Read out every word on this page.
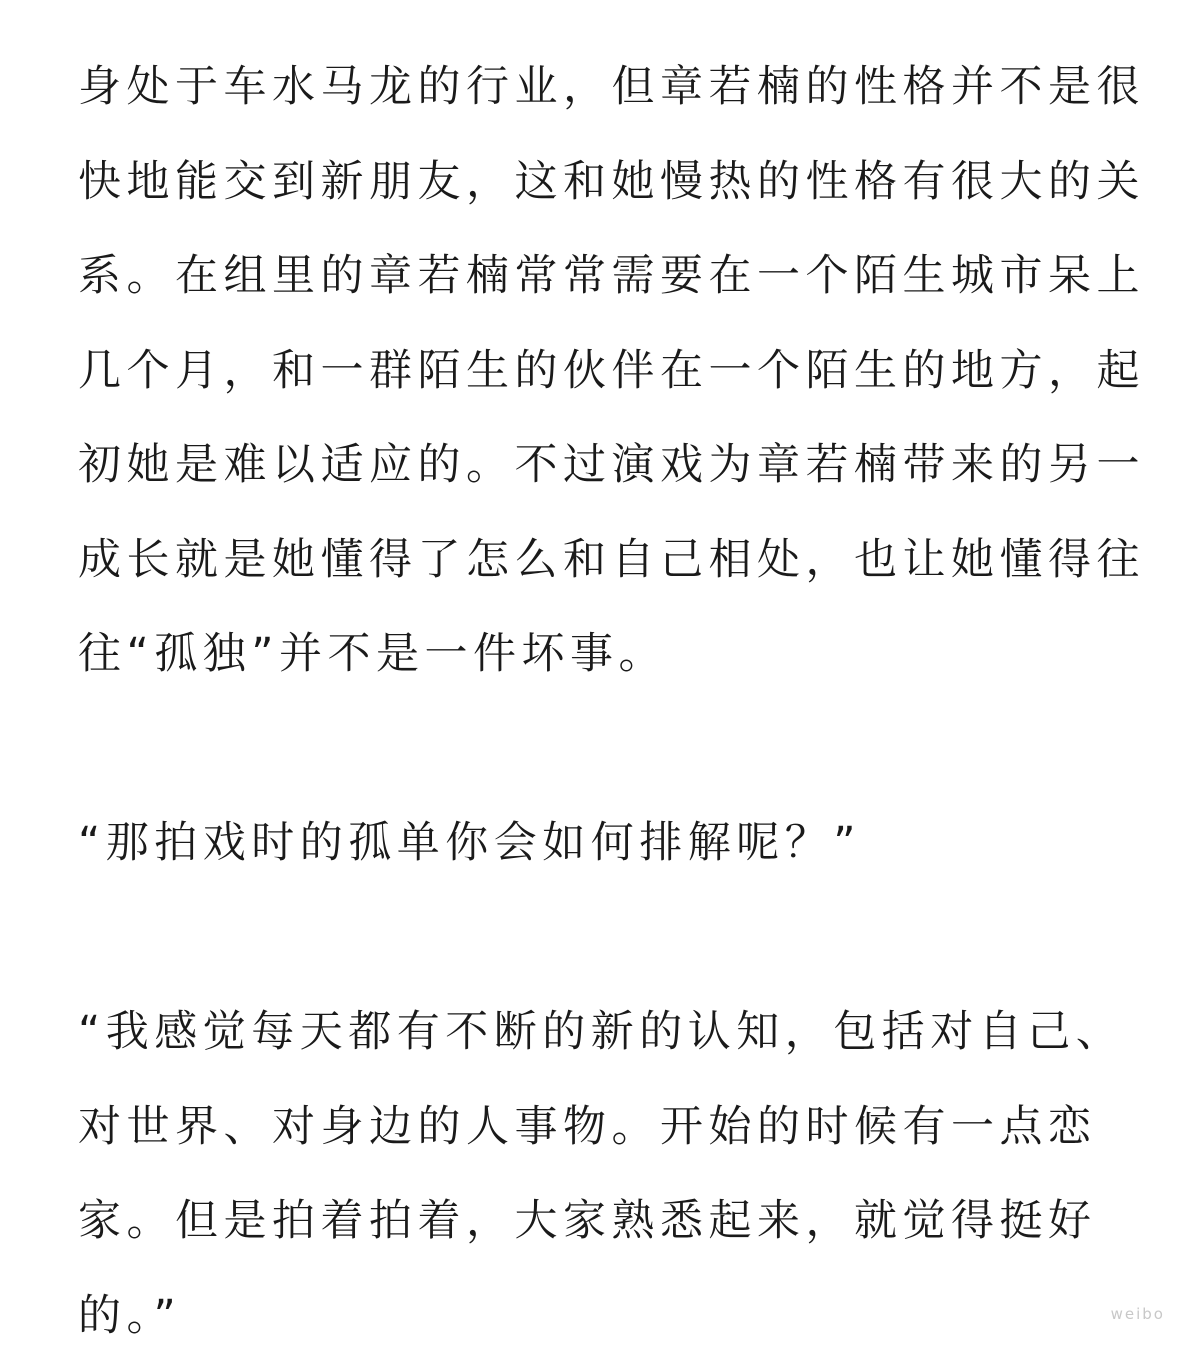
身处于车水马龙的行业，但章若楠的性格并不是很
快地能交到新朋友，这和她慢热的性格有很大的关
系。在组里的章若楠常常需要在一个陌生城市呆上
几个月，和一群陌生的伙伴在一个陌生的地方，起
初她是难以适应的。不过演戏为章若楠带来的另一
成长就是她懂得了怎么和自己相处，也让她懂得往
往“孤独”并不是一件坏事。
“那拍戏时的孤单你会如何排解呢？”
“我感觉每天都有不断的新的认知，包括对自己、
对世界、对身边的人事物。开始的时候有一点恋
家。但是拍着拍着，大家熟悉起来，就觉得挺好
的。”	weibo
